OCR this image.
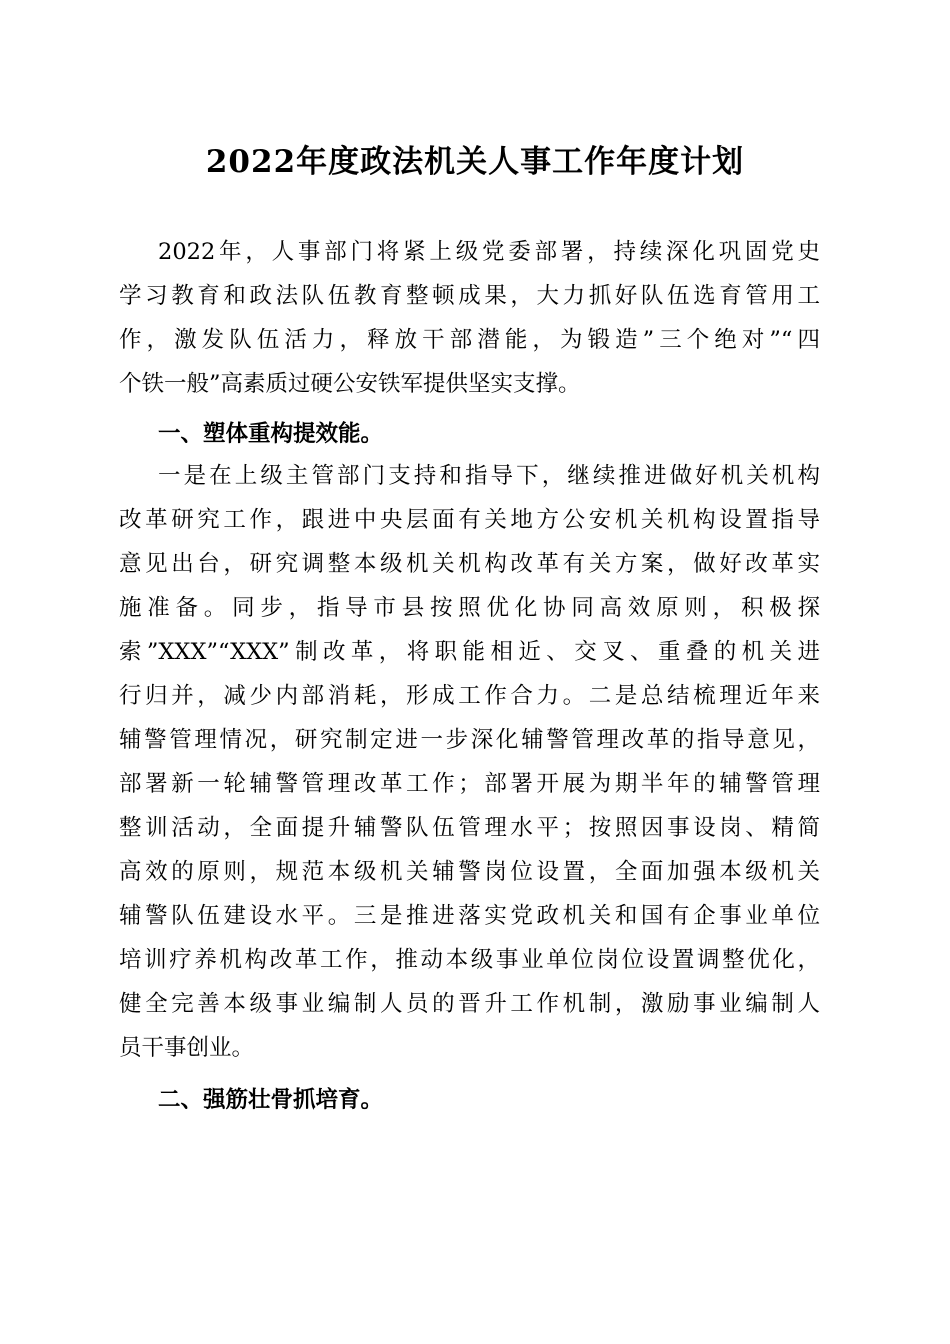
2022年度政法机关人事工作年度计划
2022年，人事部门将紧上级党委部署，持续深化巩固党史
学习教育和政法队伍教育整顿成果，大力抓好队伍选育管用工
作，激发队伍活力，释放干部潜能，为锻造”三个绝对”“四
个铁一般”高素质过硬公安铁军提供坚实支撑。
一、塑体重构提效能。
一是在上级主管部门支持和指导下，继续推进做好机关机构
改革研究工作，跟进中央层面有关地方公安机关机构设置指导
意见出台，研究调整本级机关机构改革有关方案，做好改革实
施准备。同步，指导市县按照优化协同高效原则，积极探
索”XXX”“XXX”制改革，将职能相近、交叉、重叠的机关进
行归并，减少内部消耗，形成工作合力。二是总结梳理近年来
辅警管理情况，研究制定进一步深化辅警管理改革的指导意见，
部署新一轮辅警管理改革工作；部署开展为期半年的辅警管理
整训活动，全面提升辅警队伍管理水平；按照因事设岗、精简
高效的原则，规范本级机关辅警岗位设置，全面加强本级机关
辅警队伍建设水平。三是推进落实党政机关和国有企事业单位
培训疗养机构改革工作，推动本级事业单位岗位设置调整优化，
健全完善本级事业编制人员的晋升工作机制，激励事业编制人
员干事创业。
二、强筋壮骨抓培育。
